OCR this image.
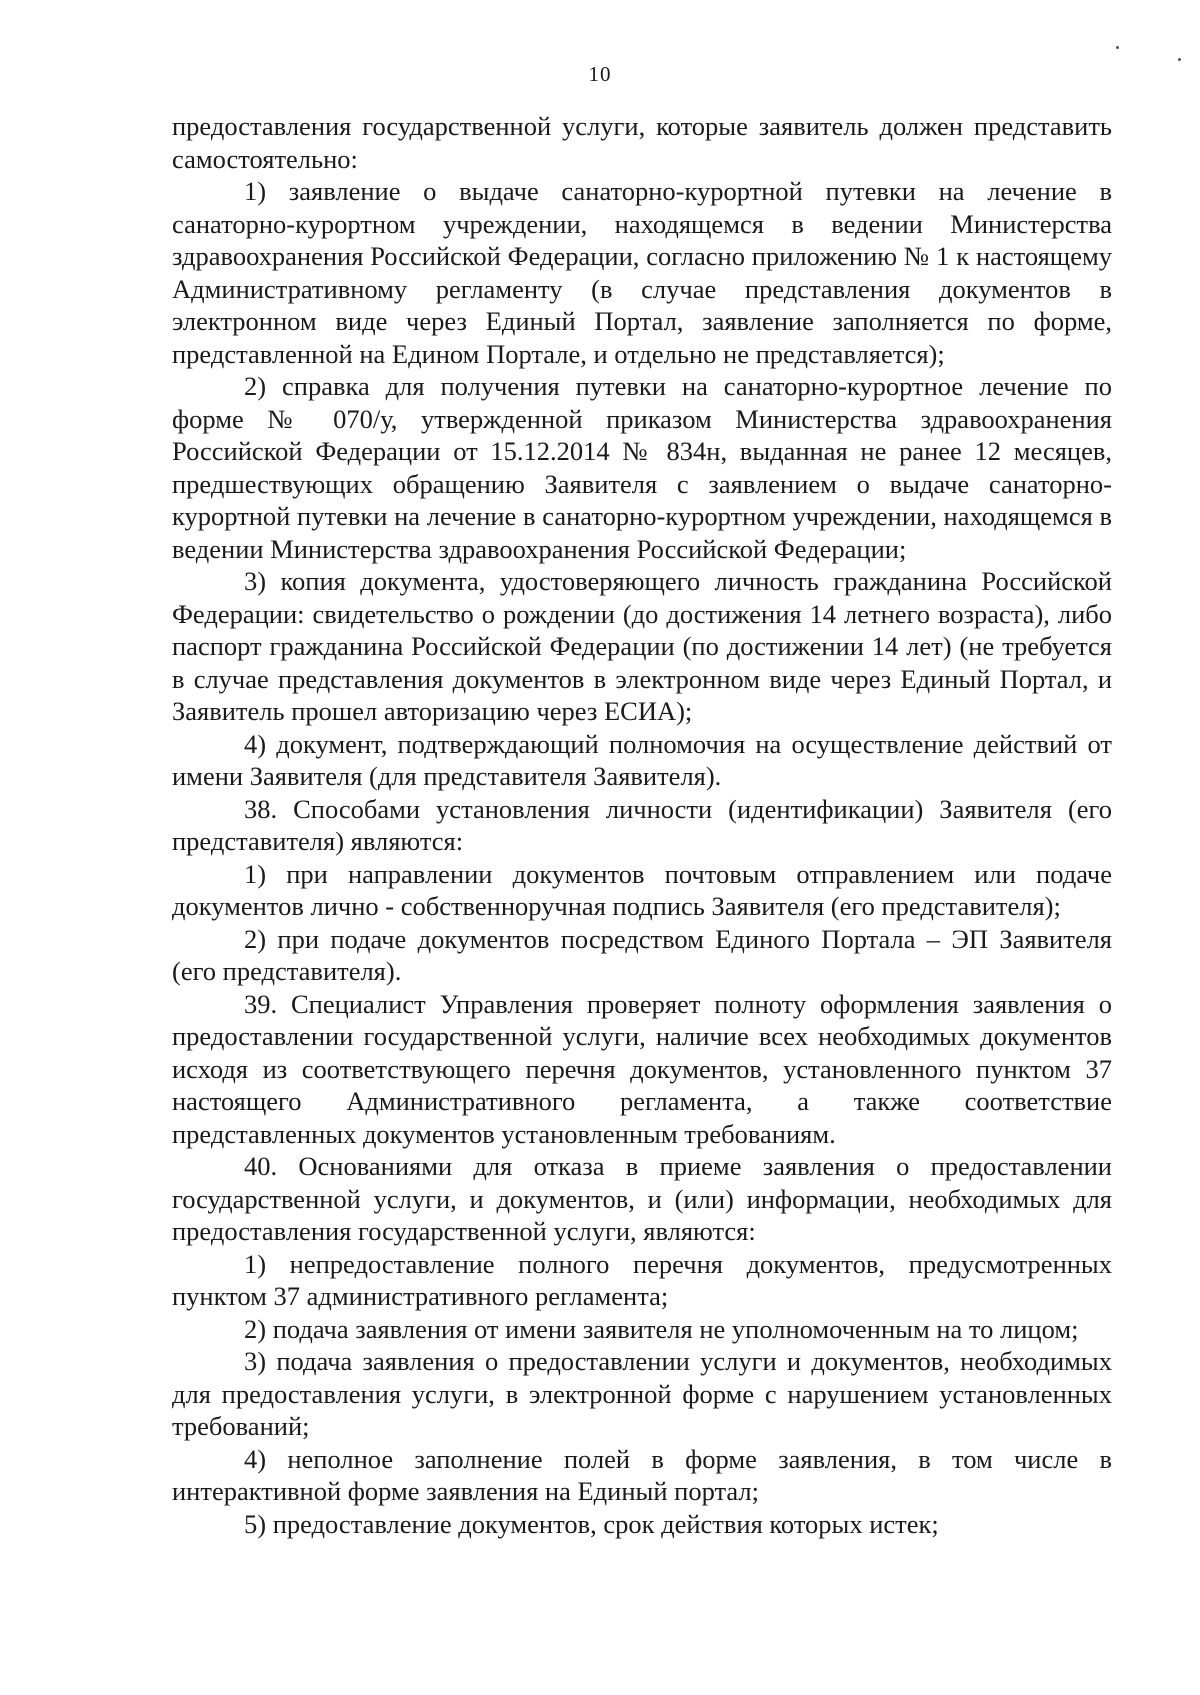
10

предоставления государственной услуги, которые заявитель должен представить самостоятельно:

1) заявление о выдаче санаторно-курортной путевки на лечение в санаторно-курортном учреждении, находящемся в ведении Министерства здравоохранения Российской Федерации, согласно приложению № 1 к настоящему Административному регламенту (в случае представления документов в электронном виде через Единый Портал, заявление заполняется по форме, представленной на Едином Портале, и отдельно не представляется);

2) справка для получения путевки на санаторно-курортное лечение по форме № 070/у, утвержденной приказом Министерства здравоохранения Российской Федерации от 15.12.2014 № 834н, выданная не ранее 12 месяцев, предшествующих обращению Заявителя с заявлением о выдаче санаторно-курортной путевки на лечение в санаторно-курортном учреждении, находящемся в ведении Министерства здравоохранения Российской Федерации;

3) копия документа, удостоверяющего личность гражданина Российской Федерации: свидетельство о рождении (до достижения 14 летнего возраста), либо паспорт гражданина Российской Федерации (по достижении 14 лет) (не требуется в случае представления документов в электронном виде через Единый Портал, и Заявитель прошел авторизацию через ЕСИА);

4) документ, подтверждающий полномочия на осуществление действий от имени Заявителя (для представителя Заявителя).

38. Способами установления личности (идентификации) Заявителя (его представителя) являются:

1) при направлении документов почтовым отправлением или подаче документов лично - собственноручная подпись Заявителя (его представителя);

2) при подаче документов посредством Единого Портала – ЭП Заявителя (его представителя).

39. Специалист Управления проверяет полноту оформления заявления о предоставлении государственной услуги, наличие всех необходимых документов исходя из соответствующего перечня документов, установленного пунктом 37 настоящего Административного регламента, а также соответствие представленных документов установленным требованиям.

40. Основаниями для отказа в приеме заявления о предоставлении государственной услуги, и документов, и (или) информации, необходимых для предоставления государственной услуги, являются:

1) непредоставление полного перечня документов, предусмотренных пунктом 37 административного регламента;

2) подача заявления от имени заявителя не уполномоченным на то лицом;

3) подача заявления о предоставлении услуги и документов, необходимых для предоставления услуги, в электронной форме с нарушением установленных требований;

4) неполное заполнение полей в форме заявления, в том числе в интерактивной форме заявления на Единый портал;

5) предоставление документов, срок действия которых истек;
